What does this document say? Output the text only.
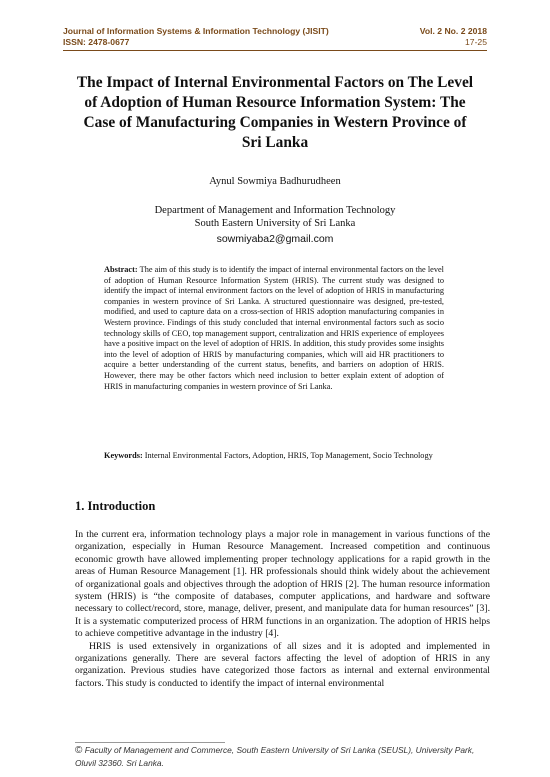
Journal of Information Systems & Information Technology (JISIT)	Vol. 2 No. 2 2018
ISSN: 2478-0677	17-25
The Impact of Internal Environmental Factors on The Level
of Adoption of Human Resource Information System: The
Case of Manufacturing Companies in Western Province of
Sri Lanka
Aynul Sowmiya Badhurudheen
Department of Management and Information Technology
South Eastern University of Sri Lanka
sowmiyaba2@gmail.com
Abstract: The aim of this study is to identify the impact of internal environmental factors on the level of adoption of Human Resource Information System (HRIS). The current study was designed to identify the impact of internal environment factors on the level of adoption of HRIS in manufacturing companies in western province of Sri Lanka. A structured questionnaire was designed, pre-tested, modified, and used to capture data on a cross-section of HRIS adoption manufacturing companies in Western province. Findings of this study concluded that internal environmental factors such as socio technology skills of CEO, top management support, centralization and HRIS experience of employees have a positive impact on the level of adoption of HRIS. In addition, this study provides some insights into the level of adoption of HRIS by manufacturing companies, which will aid HR practitioners to acquire a better understanding of the current status, benefits, and barriers on adoption of HRIS. However, there may be other factors which need inclusion to better explain extent of adoption of HRIS in manufacturing companies in western province of Sri Lanka.
Keywords: Internal Environmental Factors, Adoption, HRIS, Top Management, Socio Technology
1. Introduction

In the current era, information technology plays a major role in management in various functions of the organization, especially in Human Resource Management. Increased competition and continuous economic growth have allowed implementing proper technology applications for a rapid growth in the areas of Human Resource Management [1]. HR professionals should think widely about the achievement of organizational goals and objectives through the adoption of HRIS [2]. The human resource information system (HRIS) is “the composite of databases, computer applications, and hardware and software necessary to collect/record, store, manage, deliver, present, and manipulate data for human resources” [3]. It is a systematic computerized process of HRM functions in an organization. The adoption of HRIS helps to achieve competitive advantage in the industry [4].

HRIS is used extensively in organizations of all sizes and it is adopted and implemented in organizations generally. There are several factors affecting the level of adoption of HRIS in any organization. Previous studies have categorized those factors as internal and external environmental factors. This study is conducted to identify the impact of internal environmental

© Faculty of Management and Commerce, South Eastern University of Sri Lanka (SEUSL), University Park, Oluvil 32360. Sri Lanka.
